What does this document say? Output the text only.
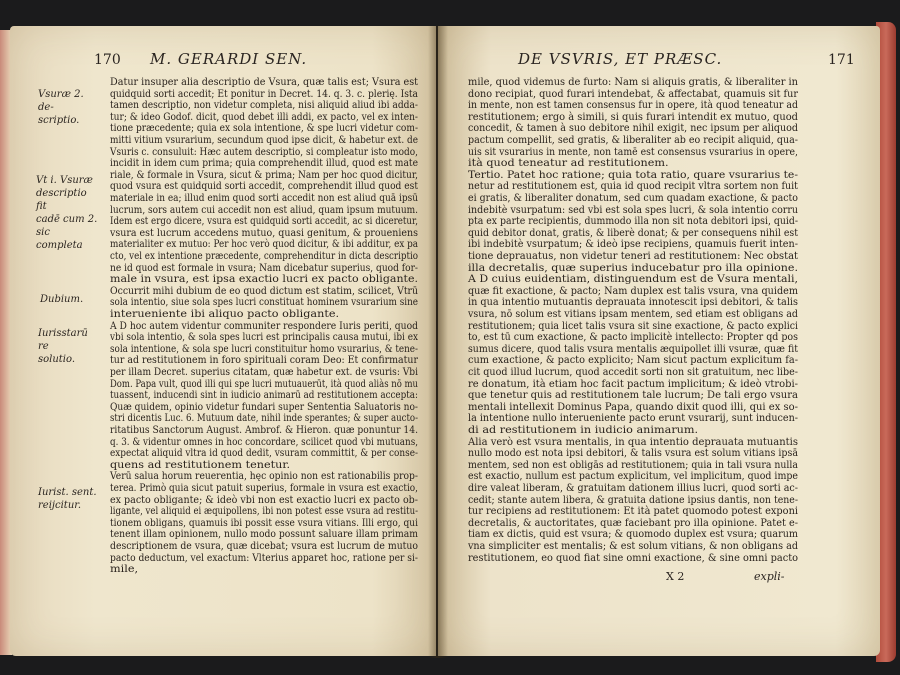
170 M. GERARDI SEN.
Vsuræ 2. de-
scriptio.
Vt i. Vsuræ
descriptio fit
cadē cum 2.
sic completa
Dubium.
Iurisstarū re
solutio.
Iurist. sent.
reijcitur.
Datur insuper alia descriptio de Vsura, quæ talis est; Vsura est
quidquid sorti accedit; Et ponitur in Decret. 14. q. 3. c. plerię. Ista
tamen descriptio, non videtur completa, nisi aliquid aliud ibi adda-
tur; & ideo Godof. dicit, quod debet illi addi, ex pacto, vel ex inten-
tione præcedente; quia ex sola intentione, & spe lucri videtur com-
mitti vitium vsurarium, secundum quod ipse dicit, & habetur ext. de
Vsuris c. consuluit: Hæc autem descriptio, si compleatur isto modo,
incidit in idem cum prima; quia comprehendit illud, quod est mate
riale, & formale in Vsura, sicut & prima; Nam per hoc quod dicitur,
quod vsura est quidquid sorti accedit, comprehendit illud quod est
materiale in ea; illud enim quod sorti accedit non est aliud quā ipsū
lucrum, sors autem cui accedit non est aliud, quam ipsum mutuum.
Idem est ergo dicere, vsura est quidquid sorti accedit, ac si diceretur,
vsura est lucrum accedens mutuo, quasi genitum, & proueniens
materialiter ex mutuo: Per hoc verò quod dicitur, & ibi additur, ex pa
cto, vel ex intentione præcedente, comprehenditur in dicta descriptio
ne id quod est formale in vsura; Nam dicebatur superius, quod for-
male in vsura, est ipsa exactio lucri ex pacto obligante.
Occurrit mihi dubium de eo quod dictum est statim, scilicet, Vtrū
sola intentio, siue sola spes lucri constituat hominem vsurarium sine
interueniente ibi aliquo pacto obligante.
A D hoc autem videntur communiter respondere Iuris periti, quod
vbi sola intentio, & sola spes lucri est principalis causa mutui, ibi ex
sola intentione, & sola spe lucri constituitur homo vsurarius, & tene-
tur ad restitutionem in foro spirituali coram Deo: Et confirmatur
per illam Decret. superius citatam, quæ habetur ext. de vsuris: Vbi
Dom. Papa vult, quod illi qui spe lucri mutuauerūt, ità quod aliàs nō mu
tuassent, inducendi sint in iudicio animarū ad restitutionem accepta:
Quæ quidem, opinio videtur fundari super Sententia Saluatoris no-
stri dicentis Luc. 6. Mutuum date, nihil inde sperantes; & super aucto-
ritatibus Sanctorum August. Ambrof. & Hieron. quæ ponuntur 14.
q. 3. & videntur omnes in hoc concordare, scilicet quod vbi mutuans,
expectat aliquid vltra id quod dedit, vsuram committit, & per conse-
quens ad restitutionem tenetur.
Verū salua horum reuerentia, hęc opinio non est rationabilis prop-
terea. Primò quia sicut patuit superius, formale in vsura est exactio,
ex pacto obligante; & ideò vbi non est exactio lucri ex pacto ob-
ligante, vel aliquid ei æquipollens, ibi non potest esse vsura ad restitu-
tionem obligans, quamuis ibi possit esse vsura vitians. Illi ergo, qui
tenent illam opinionem, nullo modo possunt saluare illam primam
descriptionem de vsura, quæ dicebat; vsura est lucrum de mutuo
pacto deductum, vel exactum: Vlterius apparet hoc, ratione per si-
mile,
DE VSVRIS, ET PRÆSC.	171
mile, quod videmus de furto: Nam si aliquis gratis, & liberaliter in
dono recipiat, quod furari intendebat, & affectabat, quamuis sit fur
in mente, non est tamen consensus fur in opere, ità quod teneatur ad
restitutionem; ergo à simili, si quis furari intendit ex mutuo, quod
concedit, & tamen à suo debitore nihil exigit, nec ipsum per aliquod
pactum compellit, sed gratis, & liberaliter ab eo recipit aliquid, qua-
uis sit vsurarius in mente, non tamē est consensus vsurarius in opere,
ità quod teneatur ad restitutionem.
Tertio. Patet hoc ratione; quia tota ratio, quare vsurarius te-
netur ad restitutionem est, quia id quod recipit vltra sortem non fuit
ei gratis, & liberaliter donatum, sed cum quadam exactione, & pacto
indebitè vsurpatum: sed vbi est sola spes lucri, & sola intentio corru
pta ex parte recipientis, dummodo illa non sit nota debitori ipsi, quid-
quid debitor donat, gratis, & liberè donat; & per consequens nihil est
ibi indebitè vsurpatum; & ideò ipse recipiens, quamuis fuerit inten-
tione deprauatus, non videtur teneri ad restitutionem: Nec obstat
illa decretalis, quæ superius inducebatur pro illa opinione.
A D cuius euidentiam, distinguendum est de Vsura mentali,
quæ fit exactione, & pacto; Nam duplex est talis vsura, vna quidem
in qua intentio mutuantis deprauata innotescit ipsi debitori, & talis
vsura, nō solum est vitians ipsam mentem, sed etiam est obligans ad
restitutionem; quia licet talis vsura sit sine exactione, & pacto explici
to, est tū cum exactione, & pacto implicitè intellecto: Propter qd pos
sumus dicere, quod talis vsura mentalis æquipollet illi vsuræ, quæ fit
cum exactione, & pacto explicito; Nam sicut pactum explicitum fa-
cit quod illud lucrum, quod accedit sorti non sit gratuitum, nec libe-
re donatum, ità etiam hoc facit pactum implicitum; & ideò vtrobi-
que tenetur quis ad restitutionem tale lucrum; De tali ergo vsura
mentali intellexit Dominus Papa, quando dixit quod illi, qui ex so-
la intentione nullo interueniente pacto erunt vsurarij, sunt inducen-
di ad restitutionem in iudicio animarum.
Alia verò est vsura mentalis, in qua intentio deprauata mutuantis
nullo modo est nota ipsi debitori, & talis vsura est solum vitians ipsā
mentem, sed non est obligās ad restitutionem; quia in tali vsura nulla
est exactio, nullum est pactum explicitum, vel implicitum, quod impe
dire valeat liberam, & gratuitam dationem illius lucri, quod sorti ac-
cedit; stante autem libera, & gratuita datione ipsius dantis, non tene-
tur recipiens ad restitutionem: Et ità patet quomodo potest exponi
decretalis, & auctoritates, quæ faciebant pro illa opinione. Patet e-
tiam ex dictis, quid est vsura; & quomodo duplex est vsura; quarum
vna simpliciter est mentalis; & est solum vitians, & non obligans ad
restitutionem, eo quod fiat sine omni exactione, & sine omni pacto
X 2	expli-
